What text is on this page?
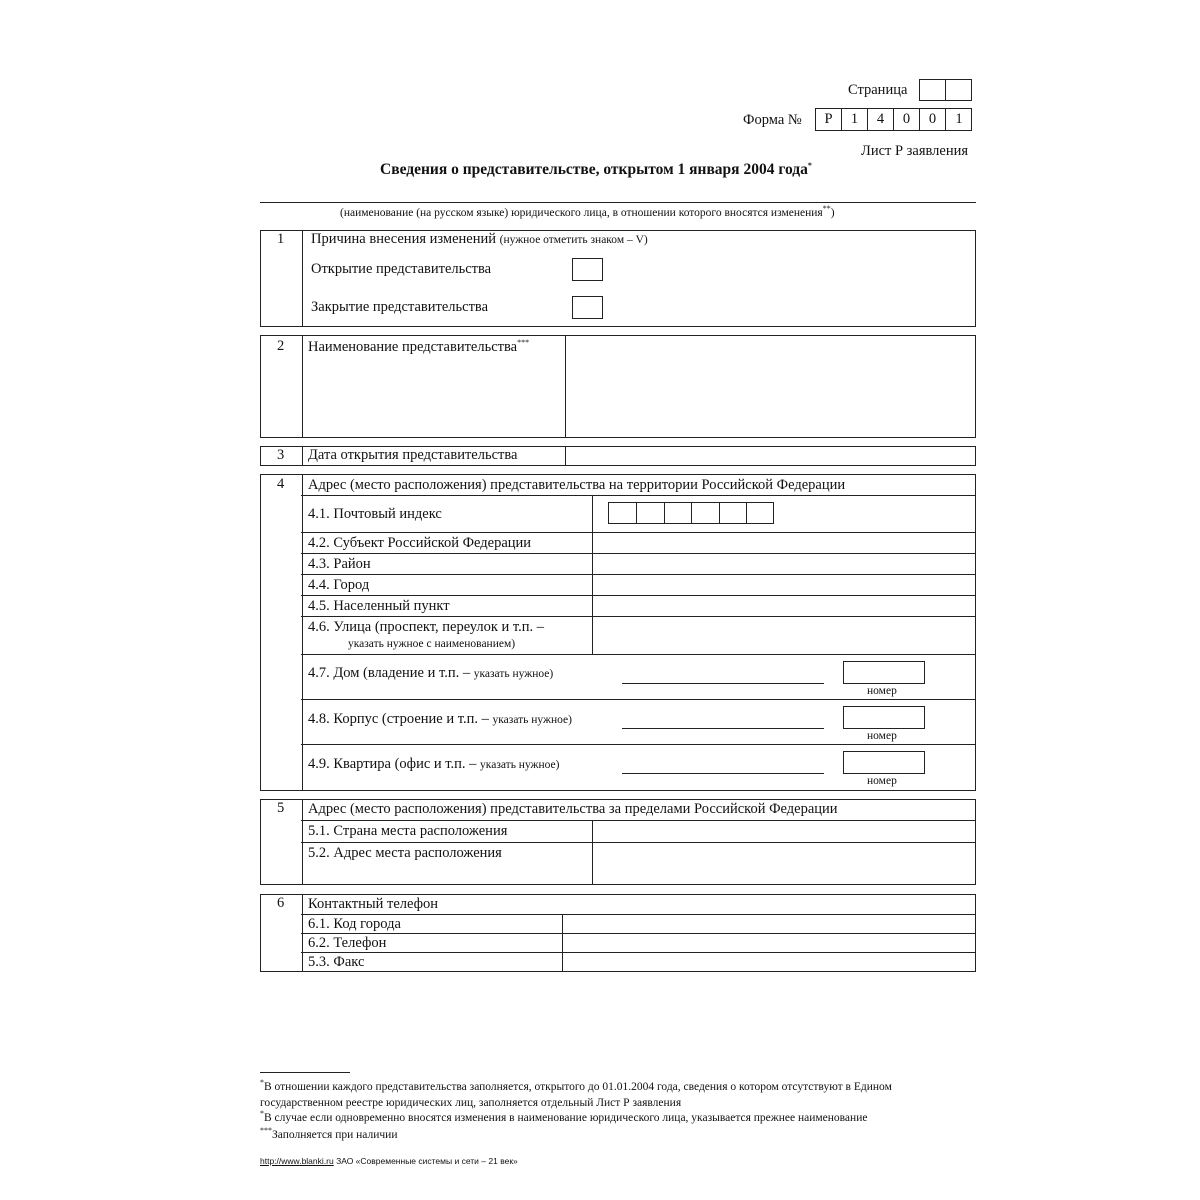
Страница
Форма №	Р	1	4	0	0	1
Лист Р заявления
Сведения о представительстве, открытом 1 января 2004 года*
(наименование (на русском языке) юридического лица, в отношении которого вносятся изменения**)
1 Причина внесения изменений (нужное отметить знаком – V)
Открытие представительства
Закрытие представительства
2 Наименование представительства***
3 Дата открытия представительства
4 Адрес (место расположения) представительства на территории Российской Федерации
4.1. Почтовый индекс
4.2. Субъект Российской Федерации
4.3. Район
4.4. Город
4.5. Населенный пункт
4.6. Улица (проспект, переулок и т.п. –
указать нужное с наименованием)
4.7. Дом (владение и т.п. – указать нужное)
номер
4.8. Корпус (строение и т.п. – указать нужное)
номер
4.9. Квартира (офис и т.п. – указать нужное)
номер
5 Адрес (место расположения) представительства за пределами Российской Федерации
5.1. Страна места расположения
5.2. Адрес места расположения
6 Контактный телефон
6.1. Код города
6.2. Телефон
5.3. Факс
*В отношении каждого представительства заполняется, открытого до 01.01.2004 года, сведения о котором отсутствуют в Едином
государственном реестре юридических лиц, заполняется отдельный Лист Р заявления
*В случае если одновременно вносятся изменения в наименование юридического лица, указывается прежнее наименование
***Заполняется при наличии
http://www.blanki.ru ЗАО «Современные системы и сети – 21 век»
